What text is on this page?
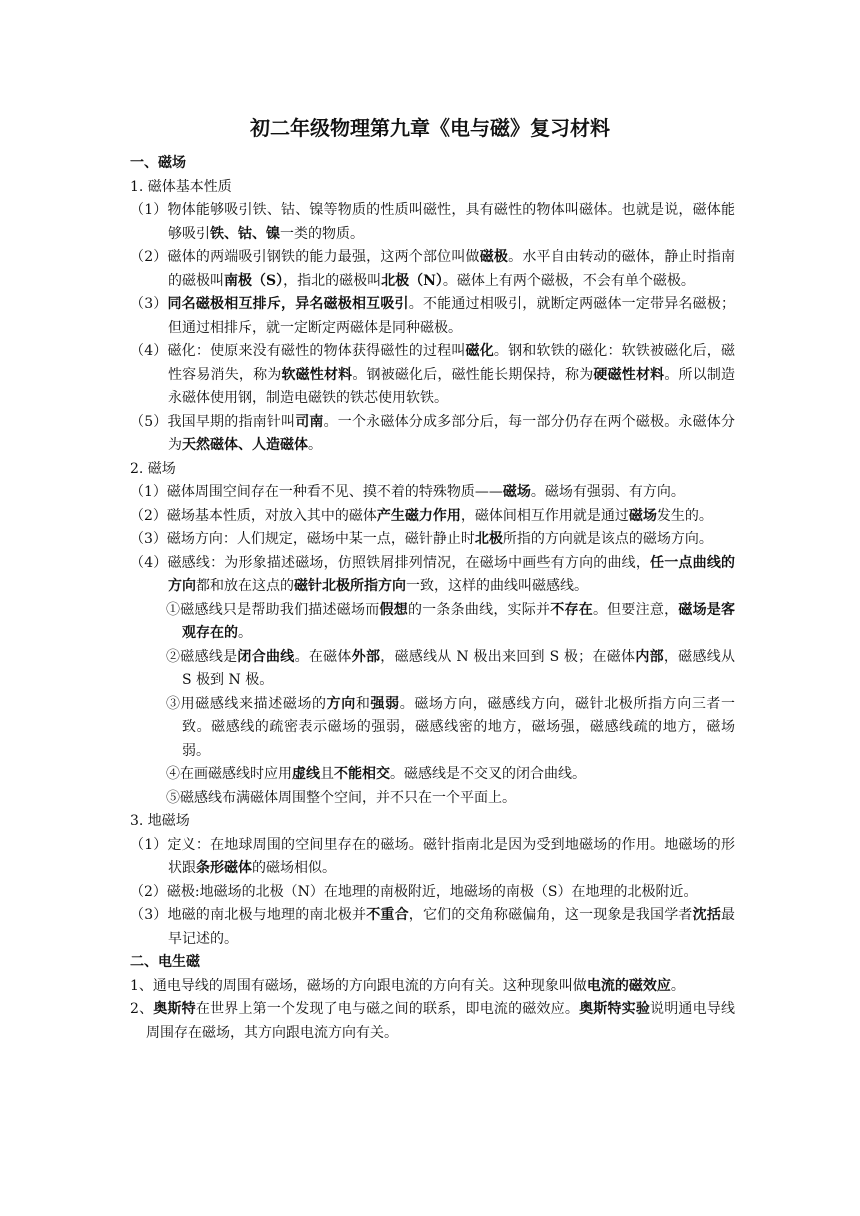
初二年级物理第九章《电与磁》复习材料
一、磁场
1. 磁体基本性质
（1）物体能够吸引铁、钴、镍等物质的性质叫磁性，具有磁性的物体叫磁体。也就是说，磁体能够吸引铁、钴、镍一类的物质。
（2）磁体的两端吸引钢铁的能力最强，这两个部位叫做磁极。水平自由转动的磁体，静止时指南的磁极叫南极（S），指北的磁极叫北极（N）。磁体上有两个磁极，不会有单个磁极。
（3）同名磁极相互排斥，异名磁极相互吸引。不能通过相吸引，就断定两磁体一定带异名磁极；但通过相排斥，就一定断定两磁体是同种磁极。
（4）磁化：使原来没有磁性的物体获得磁性的过程叫磁化。钢和软铁的磁化：软铁被磁化后，磁性容易消失，称为软磁性材料。钢被磁化后，磁性能长期保持，称为硬磁性材料。所以制造永磁体使用钢，制造电磁铁的铁芯使用软铁。
（5）我国早期的指南针叫司南。一个永磁体分成多部分后，每一部分仍存在两个磁极。永磁体分为天然磁体、人造磁体。
2. 磁场
（1）磁体周围空间存在一种看不见、摸不着的特殊物质——磁场。磁场有强弱、有方向。
（2）磁场基本性质，对放入其中的磁体产生磁力作用，磁体间相互作用就是通过磁场发生的。
（3）磁场方向：人们规定，磁场中某一点，磁针静止时北极所指的方向就是该点的磁场方向。
（4）磁感线：为形象描述磁场，仿照铁屑排列情况，在磁场中画些有方向的曲线，任一点曲线的方向都和放在这点的磁针北极所指方向一致，这样的曲线叫磁感线。
①磁感线只是帮助我们描述磁场而假想的一条条曲线，实际并不存在。但要注意，磁场是客观存在的。
②磁感线是闭合曲线。在磁体外部，磁感线从 N 极出来回到 S 极；在磁体内部，磁感线从 S 极到 N 极。
③用磁感线来描述磁场的方向和强弱。磁场方向，磁感线方向，磁针北极所指方向三者一致。磁感线的疏密表示磁场的强弱，磁感线密的地方，磁场强，磁感线疏的地方，磁场弱。
④在画磁感线时应用虚线且不能相交。磁感线是不交叉的闭合曲线。
⑤磁感线布满磁体周围整个空间，并不只在一个平面上。
3. 地磁场
（1）定义：在地球周围的空间里存在的磁场。磁针指南北是因为受到地磁场的作用。地磁场的形状跟条形磁体的磁场相似。
（2）磁极:地磁场的北极（N）在地理的南极附近，地磁场的南极（S）在地理的北极附近。
（3）地磁的南北极与地理的南北极并不重合，它们的交角称磁偏角，这一现象是我国学者沈括最早记述的。
二、电生磁
1、通电导线的周围有磁场，磁场的方向跟电流的方向有关。这种现象叫做电流的磁效应。
2、奥斯特在世界上第一个发现了电与磁之间的联系，即电流的磁效应。奥斯特实验说明通电导线周围存在磁场，其方向跟电流方向有关。
